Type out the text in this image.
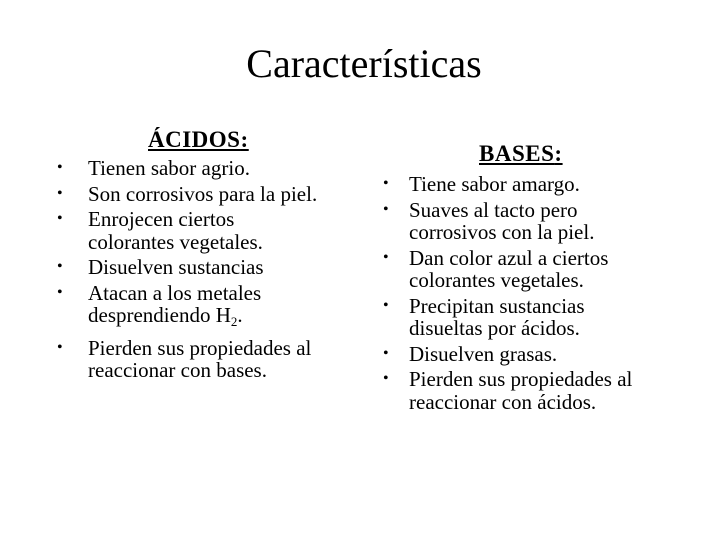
Características
ÁCIDOS:
• Tienen sabor agrio.
• Son corrosivos para la piel.
• Enrojecen ciertos colorantes vegetales.
• Disuelven sustancias
• Atacan a los metales desprendiendo $H_2$.
• Pierden sus propiedades al reaccionar con bases.
BASES:
• Tiene sabor amargo.
• Suaves al tacto pero corrosivos con la piel.
• Dan color azul a ciertos colorantes vegetales.
• Precipitan sustancias disueltas por ácidos.
• Disuelven grasas.
• Pierden sus propiedades al reaccionar con ácidos.
